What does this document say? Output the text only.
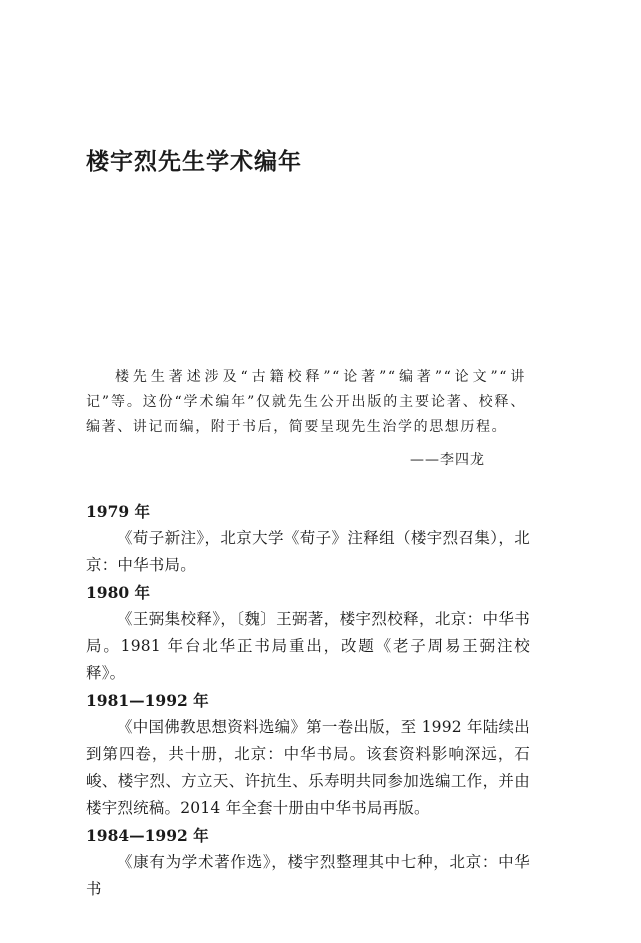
楼宇烈先生学术编年

楼先生著述涉及“古籍校释”“论著”“编著”“论文”“讲记”等。这份“学术编年”仅就先生公开出版的主要论著、校释、编著、讲记而编，附于书后，简要呈现先生治学的思想历程。

——李四龙
1979 年

《荀子新注》，北京大学《荀子》注释组（楼宇烈召集），北京：中华书局。

1980 年

《王弼集校释》，〔魏〕王弼著，楼宇烈校释，北京：中华书局。1981 年台北华正书局重出，改题《老子周易王弼注校释》。

1981—1992 年

《中国佛教思想资料选编》第一卷出版，至 1992 年陆续出到第四卷，共十册，北京：中华书局。该套资料影响深远，石峻、楼宇烈、方立天、许抗生、乐寿明共同参加选编工作，并由楼宇烈统稿。2014 年全套十册由中华书局再版。

1984—1992 年

《康有为学术著作选》，楼宇烈整理其中七种，北京：中华书
